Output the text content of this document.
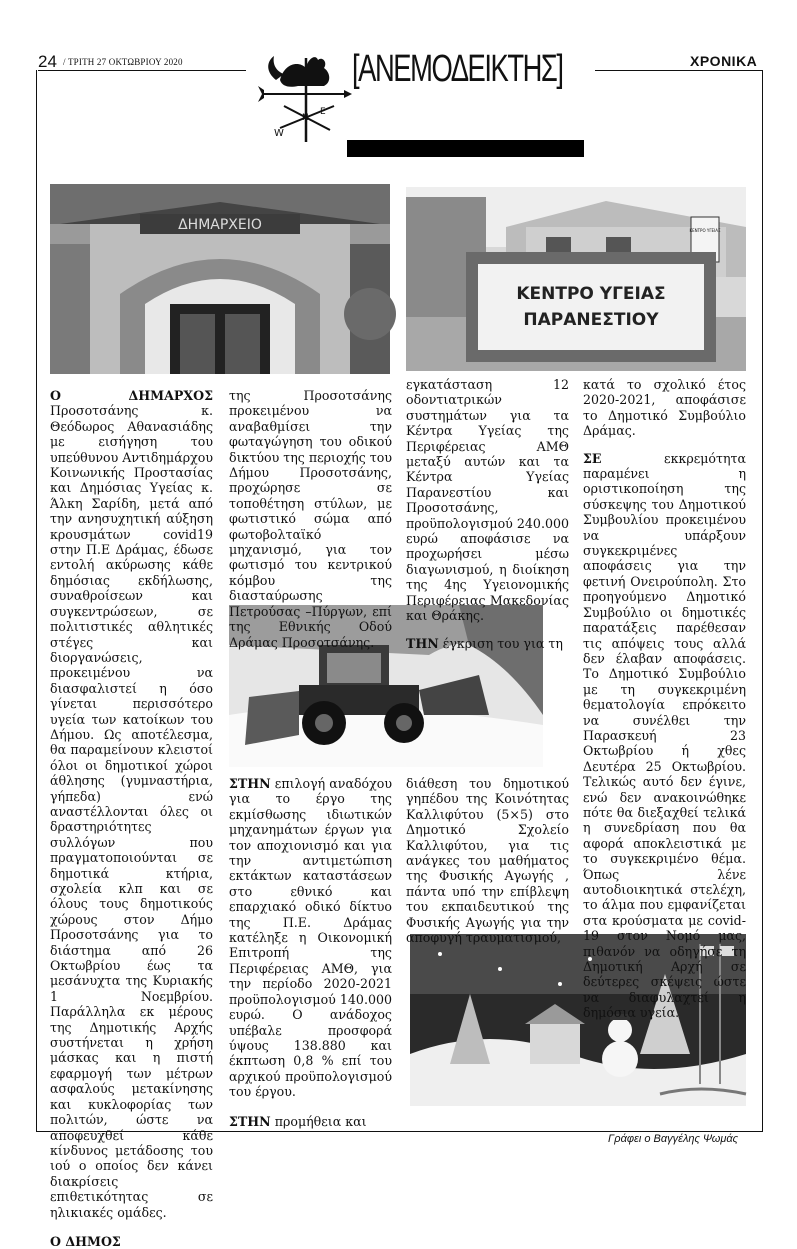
24 / ΤΡΙΤΗ 27 ΟΚΤΩΒΡΙΟΥ 2020	ΧΡΟΝΙΚΑ
N
W
E
[ΑΝΕΜΟΔΕΙΚΤΗΣ]
ΔΗΜΑΡΧΕΙΟ	ΚΕΝΤΡΟ ΥΓΕΙΑΣ
ΚΕΝΤΡΟ ΥΓΕΙΑΣ
ΠΑΡΑΝΕΣΤΙΟΥ

Ο ΔΗΜΑΡΧΟΣ Προσοτσάνης κ. Θεόδωρος Αθανασιάδης με εισήγηση του υπεύθυνου Αντιδημάρχου Κοινωνικής Προστασίας και Δημόσιας Υγείας κ. Άλκη Σαρίδη, μετά από την ανησυχητική αύξηση κρουσμάτων covid19 στην Π.Ε Δράμας, έδωσε εντολή ακύρωσης κάθε δημόσιας εκδήλωσης, συναθροίσεων και συγκεντρώσεων, σε πολιτιστικές αθλητικές στέγες και διοργανώσεις, προκειμένου να διασφαλιστεί η όσο γίνεται περισσότερο υγεία των κατοίκων του Δήμου. Ως αποτέλεσμα, θα παραμείνουν κλειστοί όλοι οι δημοτικοί χώροι άθλησης (γυμναστήρια, γήπεδα) ενώ αναστέλλονται όλες οι δραστηριότητες συλλόγων που πραγματοποιούνται σε δημοτικά κτήρια, σχολεία κλπ και σε όλους τους δημοτικούς χώρους στον Δήμο Προσοτσάνης για το διάστημα από 26 Οκτωβρίου έως τα μεσάνυχτα της Κυριακής 1 Νοεμβρίου. Παράλληλα εκ μέρους της Δημοτικής Αρχής συστήνεται η χρήση μάσκας και η πιστή εφαρμογή των μέτρων ασφαλούς μετακίνησης και κυκλοφορίας των πολιτών, ώστε να αποφευχθεί κάθε κίνδυνος μετάδοσης του ιού ο οποίος δεν κάνει διακρίσεις επιθετικότητας σε ηλικιακές ομάδες.

Ο ΔΗΜΟΣ

της Προσοτσάνης προκειμένου να αναβαθμίσει την φωταγώγηση του οδικού δικτύου της περιοχής του Δήμου Προσοτσάνης, προχώρησε σε τοποθέτηση στύλων, με φωτιστικό σώμα από φωτοβολταϊκό μηχανισμό, για τον φωτισμό του κεντρικού κόμβου της διασταύρωσης Πετρούσας –Πύργων, επί της Εθνικής Οδού Δράμας Προσοτσάνης.

εγκατάσταση 12 οδοντιατρικών συστημάτων για τα Κέντρα Υγείας της Περιφέρειας ΑΜΘ μεταξύ αυτών και τα Κέντρα Υγείας Παρανεστίου και Προσοτσάνης, προϋπολογισμού 240.000 ευρώ αποφάσισε να προχωρήσει μέσω διαγωνισμού, η διοίκηση της 4ης Υγειονομικής Περιφέρειας Μακεδονίας και Θράκης.

ΤΗΝ έγκριση του για τη

κατά το σχολικό έτος 2020-2021, αποφάσισε το Δημοτικό Συμβούλιο Δράμας.

ΣΕ εκκρεμότητα παραμένει η οριστικοποίηση της σύσκεψης του Δημοτικού Συμβουλίου προκειμένου να υπάρξουν συγκεκριμένες αποφάσεις για την φετινή Ονειρούπολη. Στο προηγούμενο Δημοτικό Συμβούλιο οι δημοτικές παρατάξεις παρέθεσαν τις απόψεις τους αλλά δεν έλαβαν αποφάσεις. Το Δημοτικό Συμβούλιο με τη συγκεκριμένη θεματολογία επρόκειτο να συνέλθει την Παρασκευή 23 Οκτωβρίου ή χθες Δευτέρα 25 Οκτωβρίου. Τελικώς αυτό δεν έγινε, ενώ δεν ανακοινώθηκε πότε θα διεξαχθεί τελικά η συνεδρίαση που θα αφορά αποκλειστικά με το συγκεκριμένο θέμα. Όπως λένε αυτοδιοικητικά στελέχη, το άλμα που εμφανίζεται στα κρούσματα με covid-19 στον Νομό μας, πιθανόν να οδηγήσε τη Δημοτική Αρχή σε δεύτερες σκέψεις ώστε να διαφυλαχτεί η δημόσια υγεία.

ΣΤΗΝ επιλογή αναδόχου για το έργο της εκμίσθωσης ιδιωτικών μηχανημάτων έργων για τον αποχιονισμό και για την αντιμετώπιση εκτάκτων καταστάσεων στο εθνικό και επαρχιακό οδικό δίκτυο της Π.Ε. Δράμας κατέληξε η Οικονομική Επιτροπή της Περιφέρειας ΑΜΘ, για την περίοδο 2020-2021 προϋπολογισμού 140.000 ευρώ. Ο ανάδοχος υπέβαλε προσφορά ύψους 138.880 και έκπτωση 0,8 % επί του αρχικού προϋπολογισμού του έργου.

ΣΤΗΝ προμήθεια και

διάθεση του δημοτικού γηπέδου της Κοινότητας Καλλιφύτου (5×5) στο Δημοτικό Σχολείο Καλλιφύτου, για τις ανάγκες του μαθήματος της Φυσικής Αγωγής , πάντα υπό την επίβλεψη του εκπαιδευτικού της Φυσικής Αγωγής για την αποφυγή τραυματισμού,

Γράφει ο Βαγγέλης Ψωμάς
